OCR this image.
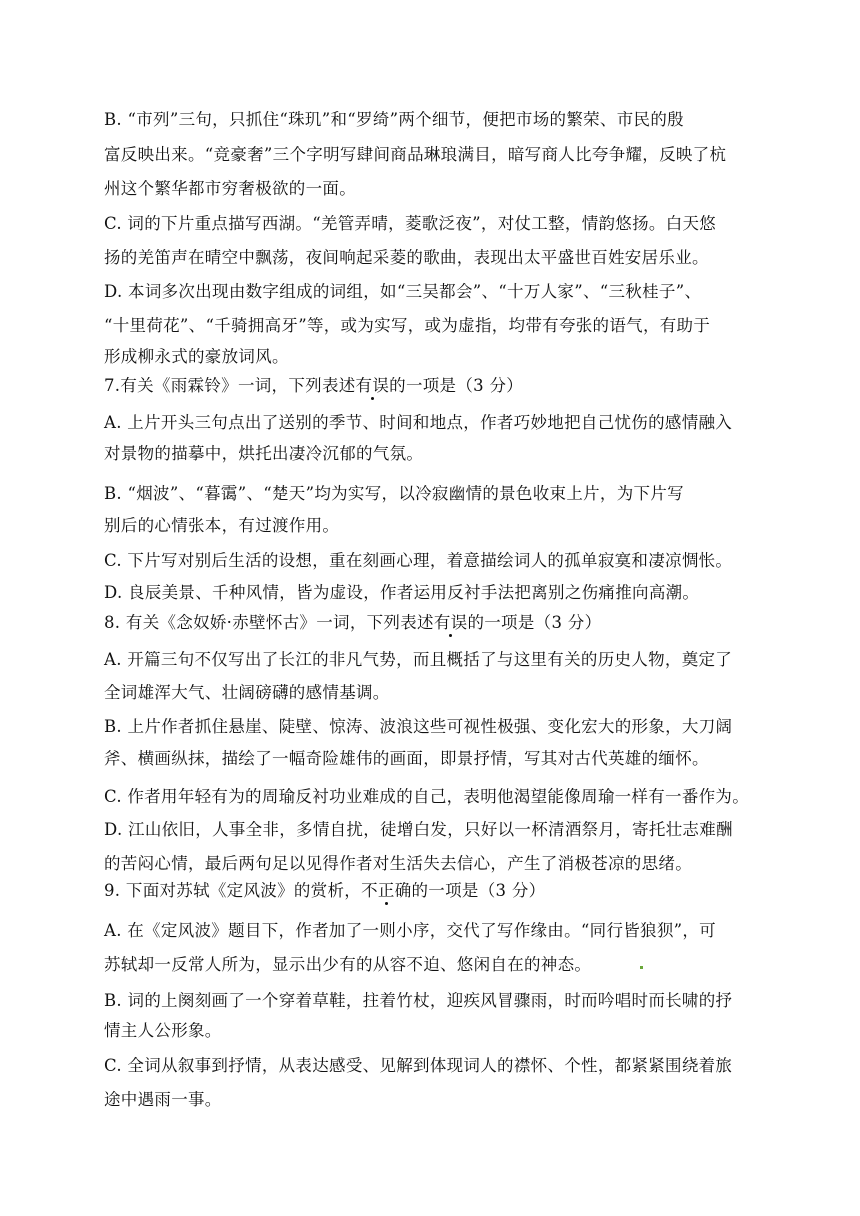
B. “市列”三句，只抓住“珠玑”和“罗绮”两个细节，便把市场的繁荣、市民的殷
富反映出来。“竞豪奢”三个字明写肆间商品琳琅满目，暗写商人比夸争耀，反映了杭
州这个繁华都市穷奢极欲的一面。
C. 词的下片重点描写西湖。“羌管弄晴，菱歌泛夜”，对仗工整，情韵悠扬。白天悠
扬的羌笛声在晴空中飘荡，夜间响起采菱的歌曲，表现出太平盛世百姓安居乐业。
D. 本词多次出现由数字组成的词组，如“三吴都会”、“十万人家”、“三秋桂子”、
“十里荷花”、“千骑拥高牙”等，或为实写，或为虚指，均带有夸张的语气，有助于
形成柳永式的豪放词风。
7.有关《雨霖铃》一词，下列表述有误的一项是（3 分）
A. 上片开头三句点出了送别的季节、时间和地点，作者巧妙地把自己忧伤的感情融入
对景物的描摹中，烘托出凄冷沉郁的气氛。
B. “烟波”、“暮霭”、“楚天”均为实写，以冷寂幽情的景色收束上片，为下片写
别后的心情张本，有过渡作用。
C. 下片写对别后生活的设想，重在刻画心理，着意描绘词人的孤单寂寞和凄凉惆怅。
D. 良辰美景、千种风情，皆为虚设，作者运用反衬手法把离别之伤痛推向高潮。
8. 有关《念奴娇·赤壁怀古》一词，下列表述有误的一项是（3 分）
A. 开篇三句不仅写出了长江的非凡气势，而且概括了与这里有关的历史人物，奠定了
全词雄浑大气、壮阔磅礴的感情基调。
B. 上片作者抓住悬崖、陡壁、惊涛、波浪这些可视性极强、变化宏大的形象，大刀阔
斧、横画纵抹，描绘了一幅奇险雄伟的画面，即景抒情，写其对古代英雄的缅怀。
C. 作者用年轻有为的周瑜反衬功业难成的自己，表明他渴望能像周瑜一样有一番作为。
D. 江山依旧，人事全非，多情自扰，徒增白发，只好以一杯清酒祭月，寄托壮志难酬
的苦闷心情，最后两句足以见得作者对生活失去信心，产生了消极苍凉的思绪。
9. 下面对苏轼《定风波》的赏析，不正确的一项是（3 分）
A. 在《定风波》题目下，作者加了一则小序，交代了写作缘由。“同行皆狼狈”，可
苏轼却一反常人所为，显示出少有的从容不迫、悠闲自在的神态。
B. 词的上阕刻画了一个穿着草鞋，拄着竹杖，迎疾风冒骤雨，时而吟唱时而长啸的抒
情主人公形象。
C. 全词从叙事到抒情，从表达感受、见解到体现词人的襟怀、个性，都紧紧围绕着旅
途中遇雨一事。
